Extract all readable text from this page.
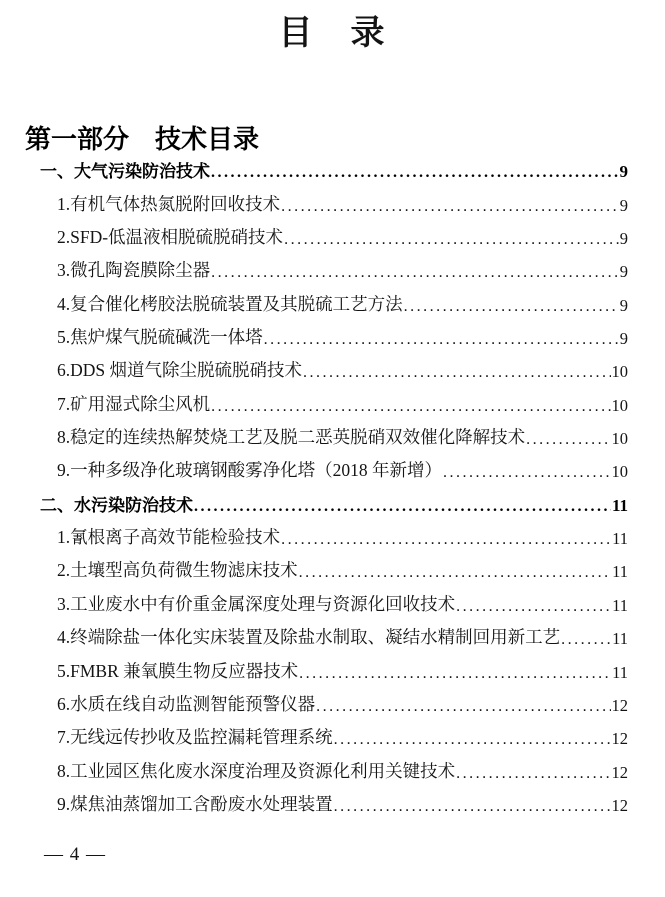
目　录
第一部分　技术目录
一、大气污染防治技术 .....	9
1.有机气体热氮脱附回收技术 .....	9
2.SFD-低温液相脱硫脱硝技术 .....	9
3.微孔陶瓷膜除尘器 .....	9
4.复合催化栲胶法脱硫装置及其脱硫工艺方法 .....	9
5.焦炉煤气脱硫碱洗一体塔 .....	9
6.DDS 烟道气除尘脱硫脱硝技术 .....	10
7.矿用湿式除尘风机 .....	10
8.稳定的连续热解焚烧工艺及脱二恶英脱硝双效催化降解技术 .....	10
9.一种多级净化玻璃钢酸雾净化塔（2018 年新增） .....	10
二、水污染防治技术 .....	11
1.氰根离子高效节能检验技术 .....	11
2.土壤型高负荷微生物滤床技术 .....	11
3.工业废水中有价重金属深度处理与资源化回收技术 .....	11
4.终端除盐一体化实床装置及除盐水制取、凝结水精制回用新工艺 .....	11
5.FMBR 兼氧膜生物反应器技术 .....	11
6.水质在线自动监测智能预警仪器 .....	12
7.无线远传抄收及监控漏耗管理系统 .....	12
8.工业园区焦化废水深度治理及资源化利用关键技术 .....	12
9.煤焦油蒸馏加工含酚废水处理装置 .....	12
— 4 —
